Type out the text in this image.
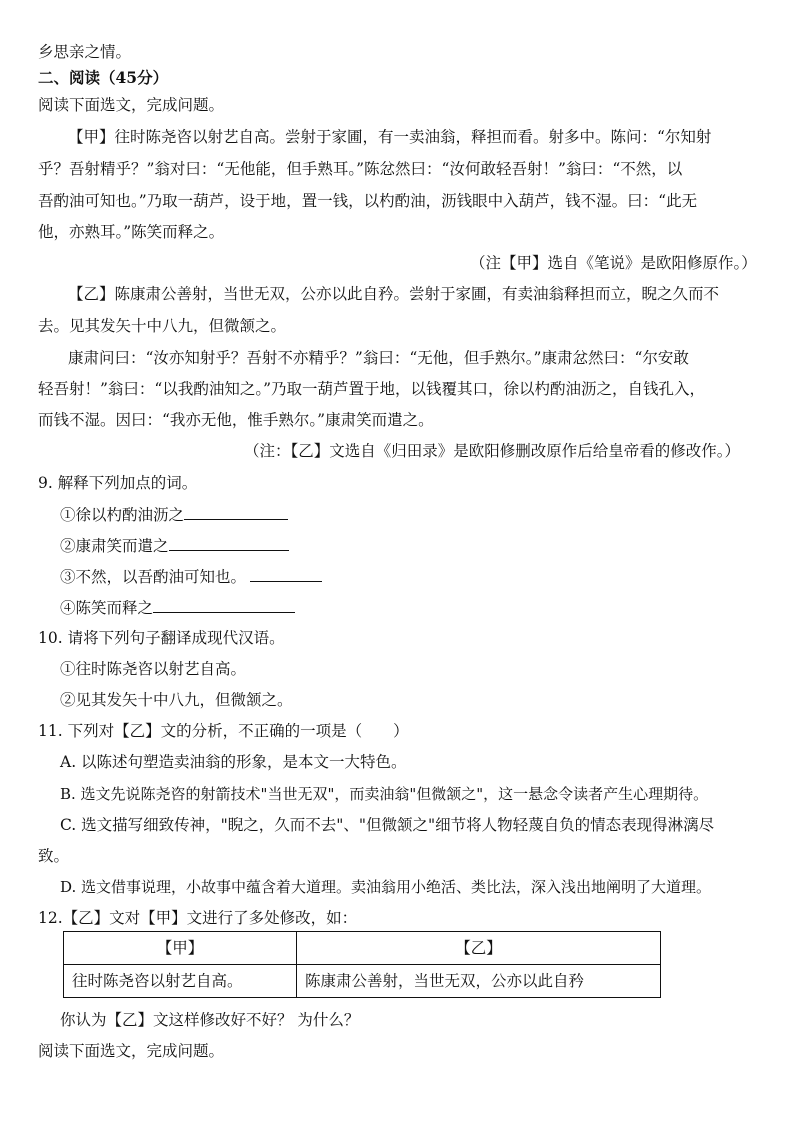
乡思亲之情。
二、阅读（45分）
阅读下面选文，完成问题。
【甲】往时陈尧咨以射艺自高。尝射于家圃，有一卖油翁，释担而看。射多中。陈问：“尔知射
乎？吾射精乎？”翁对曰：“无他能，但手熟耳。”陈忿然曰：“汝何敢轻吾射！”翁曰：“不然，以
吾酌油可知也。”乃取一葫芦，设于地，置一钱，以杓酌油，沥钱眼中入葫芦，钱不湿。曰：“此无
他，亦熟耳。”陈笑而释之。
（注【甲】选自《笔说》是欧阳修原作。）
【乙】陈康肃公善射，当世无双，公亦以此自矜。尝射于家圃，有卖油翁释担而立，睨之久而不
去。见其发矢十中八九，但微颔之。
康肃问曰：“汝亦知射乎？吾射不亦精乎？”翁曰：“无他，但手熟尔。”康肃忿然曰：“尔安敢
轻吾射！”翁曰：“以我酌油知之。”乃取一葫芦置于地，以钱覆其口，徐以杓酌油沥之，自钱孔入，
而钱不湿。因曰：“我亦无他，惟手熟尔。”康肃笑而遣之。
（注：【乙】文选自《归田录》是欧阳修删改原作后给皇帝看的修改作。）
9. 解释下列加点的词。
①徐以杓酌油沥之
②康肃笑而遣之
③不然，以吾酌油可知也。
④陈笑而释之
10. 请将下列句子翻译成现代汉语。
①往时陈尧咨以射艺自高。
②见其发矢十中八九，但微颔之。
11. 下列对【乙】文的分析，不正确的一项是（　　）
A. 以陈述句塑造卖油翁的形象，是本文一大特色。
B. 选文先说陈尧咨的射箭技术"当世无双"，而卖油翁"但微颔之"，这一悬念令读者产生心理期待。
C. 选文描写细致传神，"睨之，久而不去"、"但微颔之"细节将人物轻蔑自负的情态表现得淋漓尽
致。
D. 选文借事说理，小故事中蕴含着大道理。卖油翁用小绝活、类比法，深入浅出地阐明了大道理。
12.【乙】文对【甲】文进行了多处修改，如：
【甲】	【乙】
往时陈尧咨以射艺自高。	陈康肃公善射，当世无双，公亦以此自矜
你认为【乙】文这样修改好不好？ 为什么？
阅读下面选文，完成问题。
